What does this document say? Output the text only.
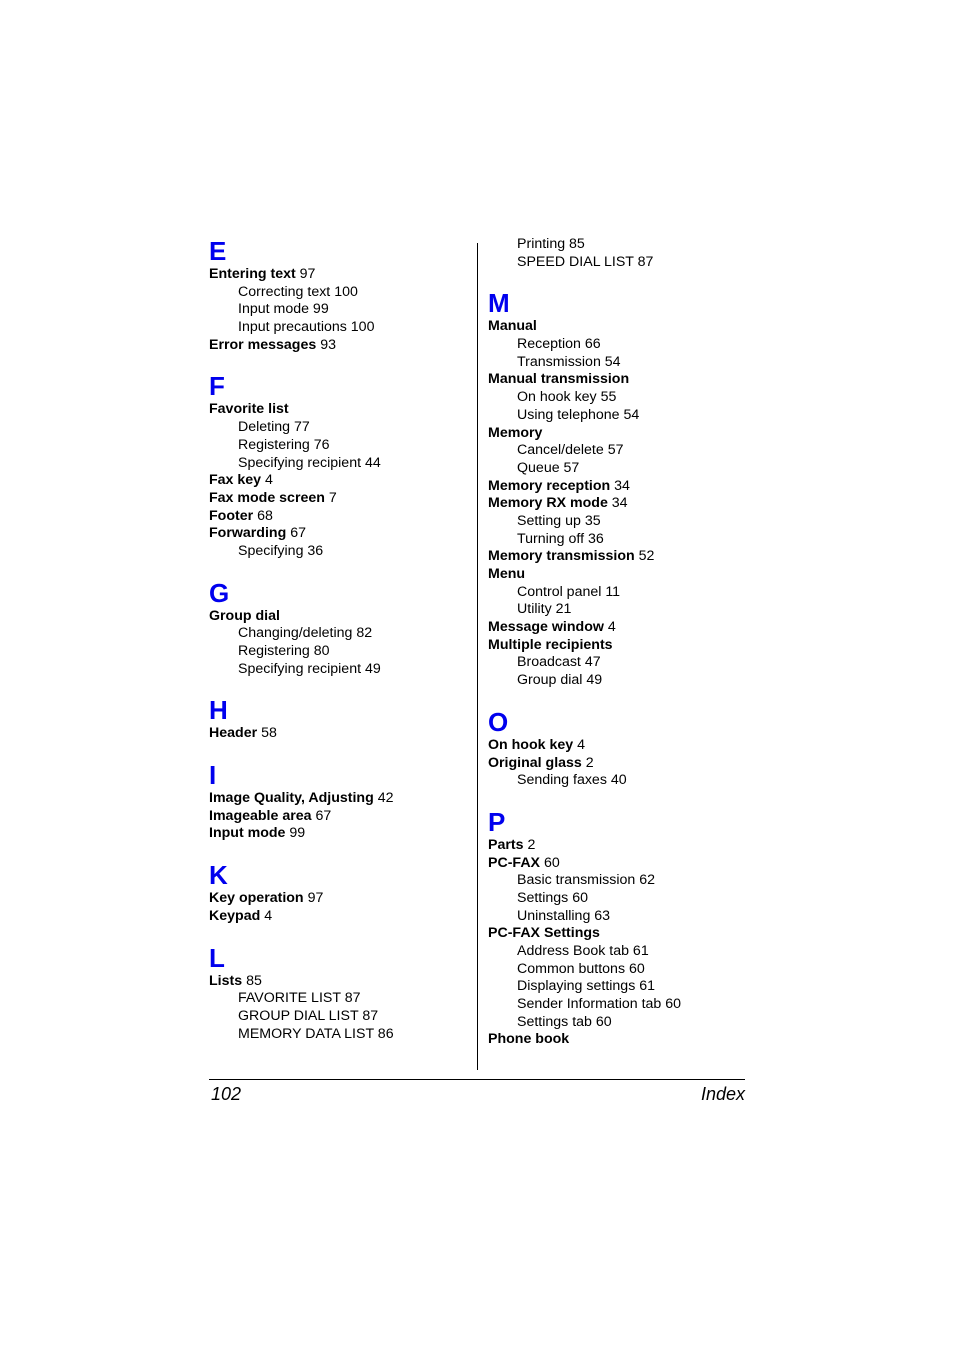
E
Entering text 97
Correcting text 100
Input mode 99
Input precautions 100
Error messages 93
F
Favorite list
Deleting 77
Registering 76
Specifying recipient 44
Fax key 4
Fax mode screen 7
Footer 68
Forwarding 67
Specifying 36
G
Group dial
Changing/deleting 82
Registering 80
Specifying recipient 49
H
Header 58
I
Image Quality, Adjusting 42
Imageable area 67
Input mode 99
K
Key operation 97
Keypad 4
L
Lists 85
FAVORITE LIST 87
GROUP DIAL LIST 87
MEMORY DATA LIST 86
Printing 85
SPEED DIAL LIST 87
M
Manual
Reception 66
Transmission 54
Manual transmission
On hook key 55
Using telephone 54
Memory
Cancel/delete 57
Queue 57
Memory reception 34
Memory RX mode 34
Setting up 35
Turning off 36
Memory transmission 52
Menu
Control panel 11
Utility 21
Message window 4
Multiple recipients
Broadcast 47
Group dial 49
O
On hook key 4
Original glass 2
Sending faxes 40
P
Parts 2
PC-FAX 60
Basic transmission 62
Settings 60
Uninstalling 63
PC-FAX Settings
Address Book tab 61
Common buttons 60
Displaying settings 61
Sender Information tab 60
Settings tab 60
Phone book
102	Index
